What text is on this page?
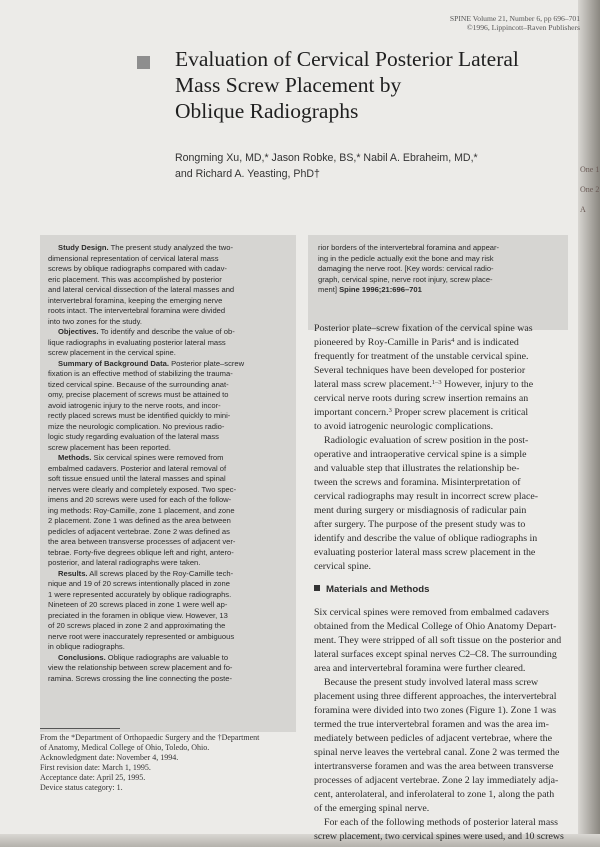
One 1
One 2
A
SPINE Volume 21, Number 6, pp 696–701
©1996, Lippincott–Raven Publishers
Evaluation of Cervical Posterior Lateral
Mass Screw Placement by
Oblique Radiographs
Rongming Xu, MD,* Jason Robke, BS,* Nabil A. Ebraheim, MD,*
and Richard A. Yeasting, PhD†
Study Design. The present study analyzed the two-
dimensional representation of cervical lateral mass
screws by oblique radiographs compared with cadav-
eric placement. This was accomplished by posterior
and lateral cervical dissection of the lateral masses and
intervertebral foramina, keeping the emerging nerve
roots intact. The intervertebral foramina were divided
into two zones for the study.
Objectives. To identify and describe the value of ob-
lique radiographs in evaluating posterior lateral mass
screw placement in the cervical spine.
Summary of Background Data. Posterior plate–screw
fixation is an effective method of stabilizing the trauma-
tized cervical spine. Because of the surrounding anat-
omy, precise placement of screws must be attained to
avoid iatrogenic injury to the nerve roots, and incor-
rectly placed screws must be identified quickly to mini-
mize the neurologic complication. No previous radio-
logic study regarding evaluation of the lateral mass
screw placement has been reported.
Methods. Six cervical spines were removed from
embalmed cadavers. Posterior and lateral removal of
soft tissue ensued until the lateral masses and spinal
nerves were clearly and completely exposed. Two spec-
imens and 20 screws were used for each of the follow-
ing methods: Roy-Camille, zone 1 placement, and zone
2 placement. Zone 1 was defined as the area between
pedicles of adjacent vertebrae. Zone 2 was defined as
the area between transverse processes of adjacent ver-
tebrae. Forty-five degrees oblique left and right, antero-
posterior, and lateral radiographs were taken.
Results. All screws placed by the Roy-Camille tech-
nique and 19 of 20 screws intentionally placed in zone
1 were represented accurately by oblique radiographs.
Nineteen of 20 screws placed in zone 1 were well ap-
preciated in the foramen in oblique view. However, 13
of 20 screws placed in zone 2 and approximating the
nerve root were inaccurately represented or ambiguous
in oblique radiographs.
Conclusions. Oblique radiographs are valuable to
view the relationship between screw placement and fo-
ramina. Screws crossing the line connecting the poste-
rior borders of the intervertebral foramina and appear-
ing in the pedicle actually exit the bone and may risk
damaging the nerve root. [Key words: cervical radio-
graph, cervical spine, nerve root injury, screw place-
ment] Spine 1996;21:696–701
Posterior plate–screw fixation of the cervical spine was
pioneered by Roy-Camille in Paris$^4$ and is indicated
frequently for treatment of the unstable cervical spine.
Several techniques have been developed for posterior
lateral mass screw placement.$^{1-3}$ However, injury to the
cervical nerve roots during screw insertion remains an
important concern.$^3$ Proper screw placement is critical
to avoid iatrogenic neurologic complications.
Radiologic evaluation of screw position in the post-
operative and intraoperative cervical spine is a simple
and valuable step that illustrates the relationship be-
tween the screws and foramina. Misinterpretation of
cervical radiographs may result in incorrect screw place-
ment during surgery or misdiagnosis of radicular pain
after surgery. The purpose of the present study was to
identify and describe the value of oblique radiographs in
evaluating posterior lateral mass screw placement in the
cervical spine.
Materials and Methods
Six cervical spines were removed from embalmed cadavers
obtained from the Medical College of Ohio Anatomy Depart-
ment. They were stripped of all soft tissue on the posterior and
lateral surfaces except spinal nerves C2–C8. The surrounding
area and intervertebral foramina were further cleared.
Because the present study involved lateral mass screw
placement using three different approaches, the intervertebral
foramina were divided into two zones (Figure 1). Zone 1 was
termed the true intervertebral foramen and was the area im-
mediately between pedicles of adjacent vertebrae, where the
spinal nerve leaves the vertebral canal. Zone 2 was termed the
intertransverse foramen and was the area between transverse
processes of adjacent vertebrae. Zone 2 lay immediately adja-
cent, anterolateral, and inferolateral to zone 1, along the path
of the emerging spinal nerve.
For each of the following methods of posterior lateral mass
screw placement, two cervical spines were used, and 10 screws
From the *Department of Orthopaedic Surgery and the †Department
of Anatomy, Medical College of Ohio, Toledo, Ohio.
Acknowledgment date: November 4, 1994.
First revision date: March 1, 1995.
Acceptance date: April 25, 1995.
Device status category: 1.
